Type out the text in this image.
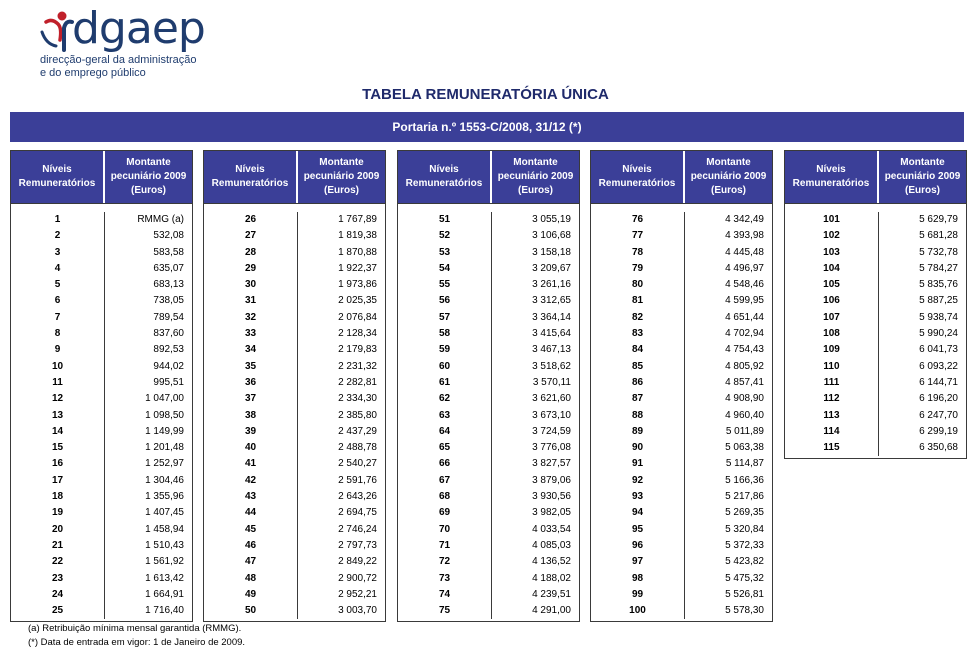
dgaep
direcção-geral da administração
e do emprego público
TABELA REMUNERATÓRIA ÚNICA
Portaria n.º 1553-C/2008, 31/12 (*)
Níveis Remuneratórios
Montante pecuniário 2009 (Euros)
1
2
3
4
5
6
7
8
9
10
11
12
13
14
15
16
17
18
19
20
21
22
23
24
25
RMMG (a)
532,08
583,58
635,07
683,13
738,05
789,54
837,60
892,53
944,02
995,51
1 047,00
1 098,50
1 149,99
1 201,48
1 252,97
1 304,46
1 355,96
1 407,45
1 458,94
1 510,43
1 561,92
1 613,42
1 664,91
1 716,40
Níveis Remuneratórios
Montante pecuniário 2009 (Euros)
26
27
28
29
30
31
32
33
34
35
36
37
38
39
40
41
42
43
44
45
46
47
48
49
50
1 767,89
1 819,38
1 870,88
1 922,37
1 973,86
2 025,35
2 076,84
2 128,34
2 179,83
2 231,32
2 282,81
2 334,30
2 385,80
2 437,29
2 488,78
2 540,27
2 591,76
2 643,26
2 694,75
2 746,24
2 797,73
2 849,22
2 900,72
2 952,21
3 003,70
Níveis Remuneratórios
Montante pecuniário 2009 (Euros)
51
52
53
54
55
56
57
58
59
60
61
62
63
64
65
66
67
68
69
70
71
72
73
74
75
3 055,19
3 106,68
3 158,18
3 209,67
3 261,16
3 312,65
3 364,14
3 415,64
3 467,13
3 518,62
3 570,11
3 621,60
3 673,10
3 724,59
3 776,08
3 827,57
3 879,06
3 930,56
3 982,05
4 033,54
4 085,03
4 136,52
4 188,02
4 239,51
4 291,00
Níveis Remuneratórios
Montante pecuniário 2009 (Euros)
76
77
78
79
80
81
82
83
84
85
86
87
88
89
90
91
92
93
94
95
96
97
98
99
100
4 342,49
4 393,98
4 445,48
4 496,97
4 548,46
4 599,95
4 651,44
4 702,94
4 754,43
4 805,92
4 857,41
4 908,90
4 960,40
5 011,89
5 063,38
5 114,87
5 166,36
5 217,86
5 269,35
5 320,84
5 372,33
5 423,82
5 475,32
5 526,81
5 578,30
Níveis Remuneratórios
Montante pecuniário 2009 (Euros)
101
102
103
104
105
106
107
108
109
110
111
112
113
114
115
5 629,79
5 681,28
5 732,78
5 784,27
5 835,76
5 887,25
5 938,74
5 990,24
6 041,73
6 093,22
6 144,71
6 196,20
6 247,70
6 299,19
6 350,68
(a) Retribuição mínima mensal garantida (RMMG).
(*) Data de entrada em vigor: 1 de Janeiro de 2009.
